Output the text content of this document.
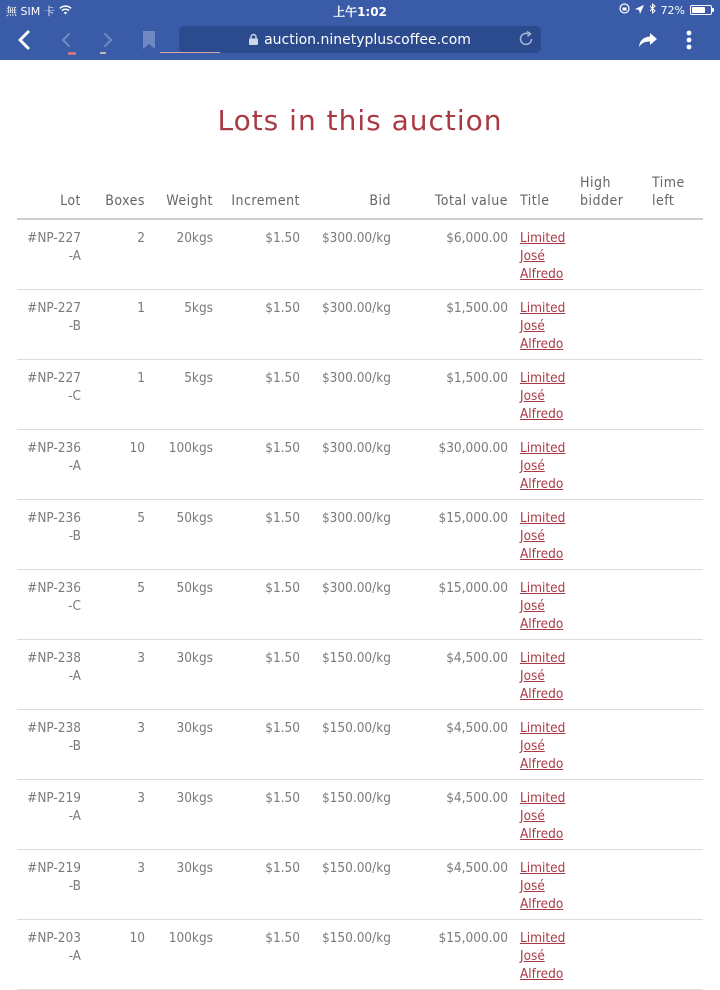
無 SIM 卡	上午1:02	72%
auction.ninetypluscoffee.com
Lots in this auction
Lot	Boxes	Weight	Increment	Bid	Total value	Title	High bidder	Time left
#NP-227-A	2	20kgs	$1.50	$300.00/kg	$6,000.00	Limited José Alfredo		
#NP-227-B	1	5kgs	$1.50	$300.00/kg	$1,500.00	Limited José Alfredo		
#NP-227-C	1	5kgs	$1.50	$300.00/kg	$1,500.00	Limited José Alfredo		
#NP-236-A	10	100kgs	$1.50	$300.00/kg	$30,000.00	Limited José Alfredo		
#NP-236-B	5	50kgs	$1.50	$300.00/kg	$15,000.00	Limited José Alfredo		
#NP-236-C	5	50kgs	$1.50	$300.00/kg	$15,000.00	Limited José Alfredo		
#NP-238-A	3	30kgs	$1.50	$150.00/kg	$4,500.00	Limited José Alfredo		
#NP-238-B	3	30kgs	$1.50	$150.00/kg	$4,500.00	Limited José Alfredo		
#NP-219-A	3	30kgs	$1.50	$150.00/kg	$4,500.00	Limited José Alfredo		
#NP-219-B	3	30kgs	$1.50	$150.00/kg	$4,500.00	Limited José Alfredo		
#NP-203-A	10	100kgs	$1.50	$150.00/kg	$15,000.00	Limited José Alfredo		
